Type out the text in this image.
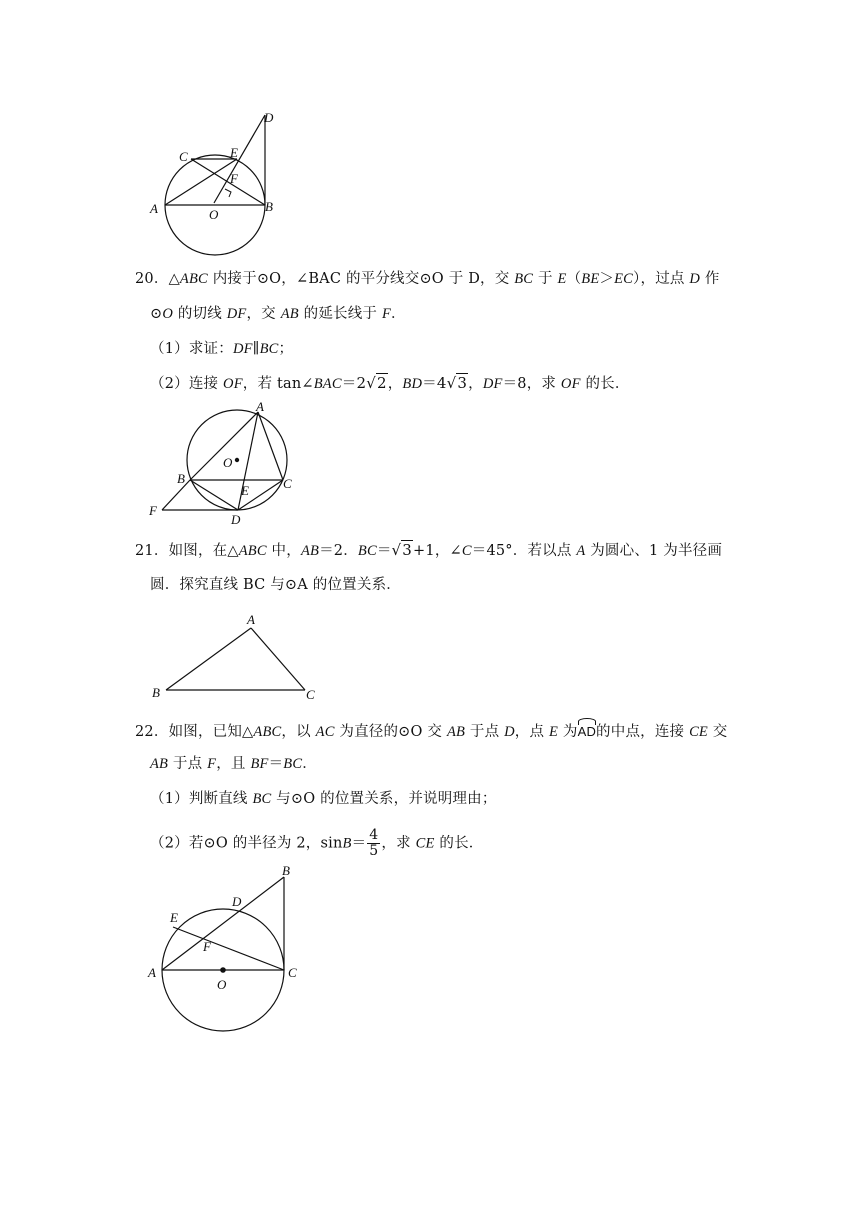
C	E
D
F
A	O
B
20．△ABC 内接于⊙O，∠BAC 的平分线交⊙O 于 D，交 BC 于 E（BE＞EC），过点 D 作
⊙O 的切线 DF，交 AB 的延长线于 F．
（1）求证：DF∥BC；
（2）连接 OF，若 tan∠BAC＝2√2，BD＝4√3，DF＝8，求 OF 的长．
A
O
B
E	C
F
D
21．如图，在△ABC 中，AB＝2．BC＝√3+1，∠C＝45°．若以点 A 为圆心、1 为半径画
圆．探究直线 BC 与⊙A 的位置关系．
A
B	C
22．如图，已知△ABC，以 AC 为直径的⊙O 交 AB 于点 D，点 E 为AD的中点，连接 CE 交
AB 于点 F，且 BF＝BC．
（1）判断直线 BC 与⊙O 的位置关系，并说明理由；
（2）若⊙O 的半径为 2，$\sin B= \frac{4}{5}$ ，求 CE 的长．
B
D
E
F
A
O
C
